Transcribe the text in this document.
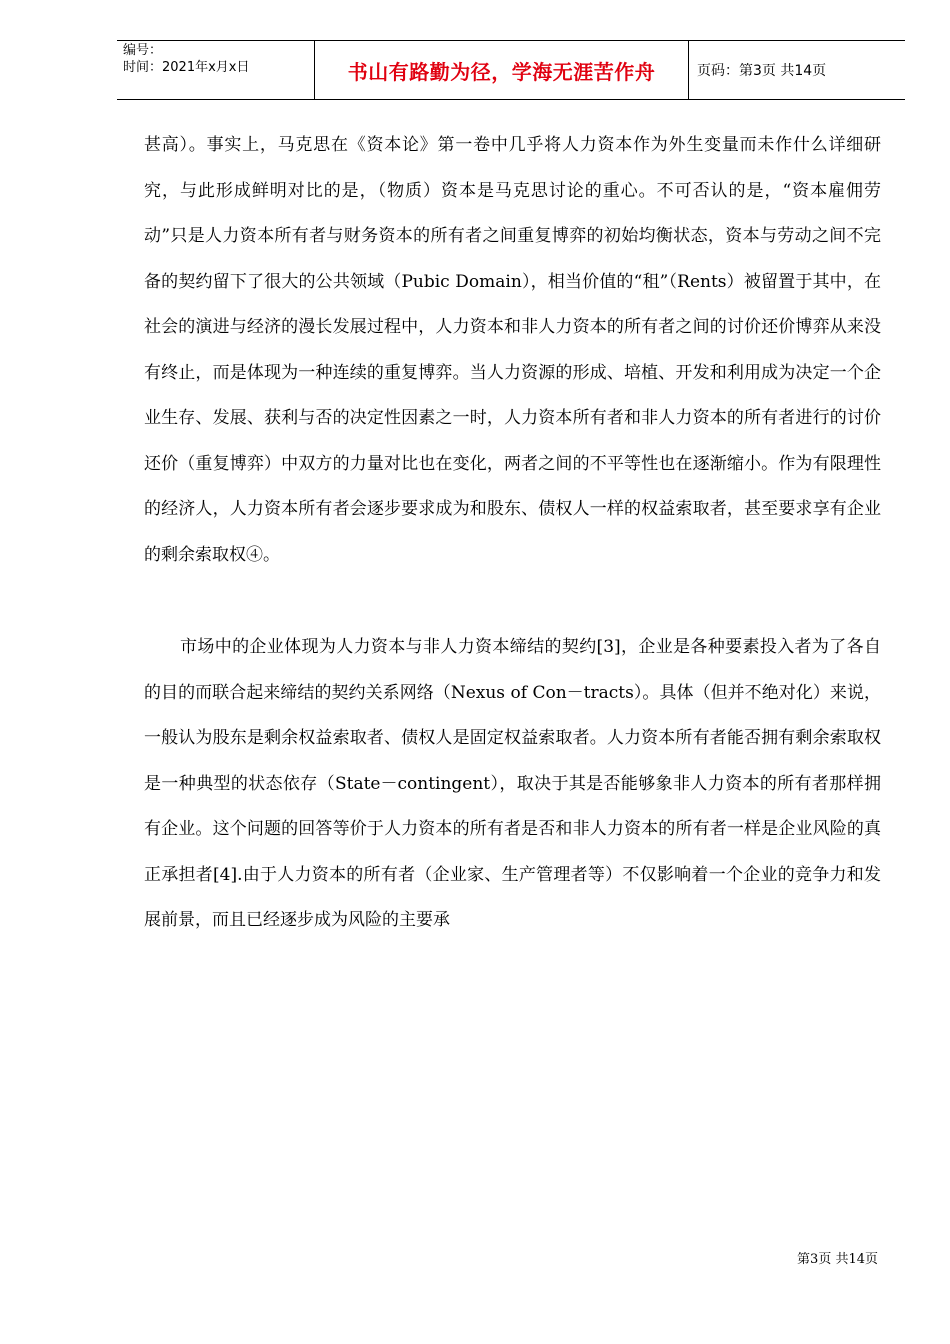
编号：
时间：2021年x月x日	书山有路勤为径，学海无涯苦作舟	页码：第3页 共14页

甚高）。事实上，马克思在《资本论》第一卷中几乎将人力资本作为外生变量而未作什么详细研究，与此形成鲜明对比的是，（物质）资本是马克思讨论的重心。不可否认的是，“资本雇佣劳动”只是人力资本所有者与财务资本的所有者之间重复博弈的初始均衡状态，资本与劳动之间不完备的契约留下了很大的公共领域（Pubic Domain），相当价值的“租”（Rents）被留置于其中，在社会的演进与经济的漫长发展过程中，人力资本和非人力资本的所有者之间的讨价还价博弈从来没有终止，而是体现为一种连续的重复博弈。当人力资源的形成、培植、开发和利用成为决定一个企业生存、发展、获利与否的决定性因素之一时，人力资本所有者和非人力资本的所有者进行的讨价还价（重复博弈）中双方的力量对比也在变化，两者之间的不平等性也在逐渐缩小。作为有限理性的经济人，人力资本所有者会逐步要求成为和股东、债权人一样的权益索取者，甚至要求享有企业的剩余索取权④。

市场中的企业体现为人力资本与非人力资本缔结的契约[3]，企业是各种要素投入者为了各自的目的而联合起来缔结的契约关系网络（Nexus of Con－tracts）。具体（但并不绝对化）来说，一般认为股东是剩余权益索取者、债权人是固定权益索取者。人力资本所有者能否拥有剩余索取权是一种典型的状态依存（State－contingent），取决于其是否能够象非人力资本的所有者那样拥有企业。这个问题的回答等价于人力资本的所有者是否和非人力资本的所有者一样是企业风险的真正承担者[4].由于人力资本的所有者（企业家、生产管理者等）不仅影响着一个企业的竞争力和发展前景，而且已经逐步成为风险的主要承

第3页 共14页
